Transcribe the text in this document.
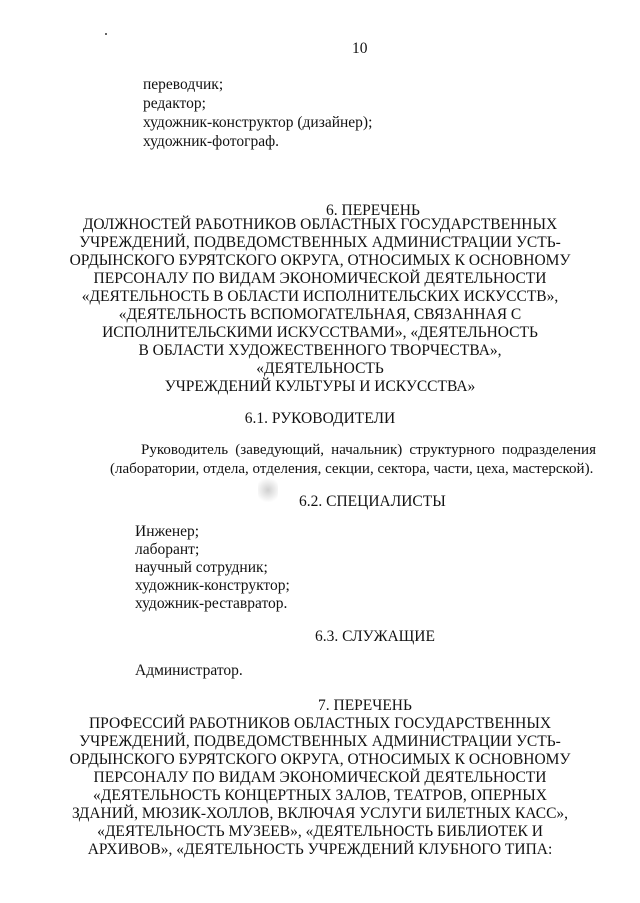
10
переводчик;
редактор;
художник-конструктор (дизайнер);
художник-фотограф.
6. ПЕРЕЧЕНЬ
ДОЛЖНОСТЕЙ РАБОТНИКОВ ОБЛАСТНЫХ ГОСУДАРСТВЕННЫХ
УЧРЕЖДЕНИЙ, ПОДВЕДОМСТВЕННЫХ АДМИНИСТРАЦИИ УСТЬ-
ОРДЫНСКОГО БУРЯТСКОГО ОКРУГА, ОТНОСИМЫХ К ОСНОВНОМУ
ПЕРСОНАЛУ ПО ВИДАМ ЭКОНОМИЧЕСКОЙ ДЕЯТЕЛЬНОСТИ
«ДЕЯТЕЛЬНОСТЬ В ОБЛАСТИ ИСПОЛНИТЕЛЬСКИХ ИСКУССТВ»,
«ДЕЯТЕЛЬНОСТЬ ВСПОМОГАТЕЛЬНАЯ, СВЯЗАННАЯ С
ИСПОЛНИТЕЛЬСКИМИ ИСКУССТВАМИ», «ДЕЯТЕЛЬНОСТЬ
В ОБЛАСТИ ХУДОЖЕСТВЕННОГО ТВОРЧЕСТВА»,
«ДЕЯТЕЛЬНОСТЬ
УЧРЕЖДЕНИЙ КУЛЬТУРЫ И ИСКУССТВА»
6.1. РУКОВОДИТЕЛИ
Руководитель (заведующий, начальник) структурного подразделения
(лаборатории, отдела, отделения, секции, сектора, части, цеха, мастерской).
6.2. СПЕЦИАЛИСТЫ
Инженер;
лаборант;
научный сотрудник;
художник-конструктор;
художник-реставратор.
6.3. СЛУЖАЩИЕ
Администратор.
7. ПЕРЕЧЕНЬ
ПРОФЕССИЙ РАБОТНИКОВ ОБЛАСТНЫХ ГОСУДАРСТВЕННЫХ
УЧРЕЖДЕНИЙ, ПОДВЕДОМСТВЕННЫХ АДМИНИСТРАЦИИ УСТЬ-
ОРДЫНСКОГО БУРЯТСКОГО ОКРУГА, ОТНОСИМЫХ К ОСНОВНОМУ
ПЕРСОНАЛУ ПО ВИДАМ ЭКОНОМИЧЕСКОЙ ДЕЯТЕЛЬНОСТИ
«ДЕЯТЕЛЬНОСТЬ КОНЦЕРТНЫХ ЗАЛОВ, ТЕАТРОВ, ОПЕРНЫХ
ЗДАНИЙ, МЮЗИК-ХОЛЛОВ, ВКЛЮЧАЯ УСЛУГИ БИЛЕТНЫХ КАСС»,
«ДЕЯТЕЛЬНОСТЬ МУЗЕЕВ», «ДЕЯТЕЛЬНОСТЬ БИБЛИОТЕК И
АРХИВОВ», «ДЕЯТЕЛЬНОСТЬ УЧРЕЖДЕНИЙ КЛУБНОГО ТИПА:
